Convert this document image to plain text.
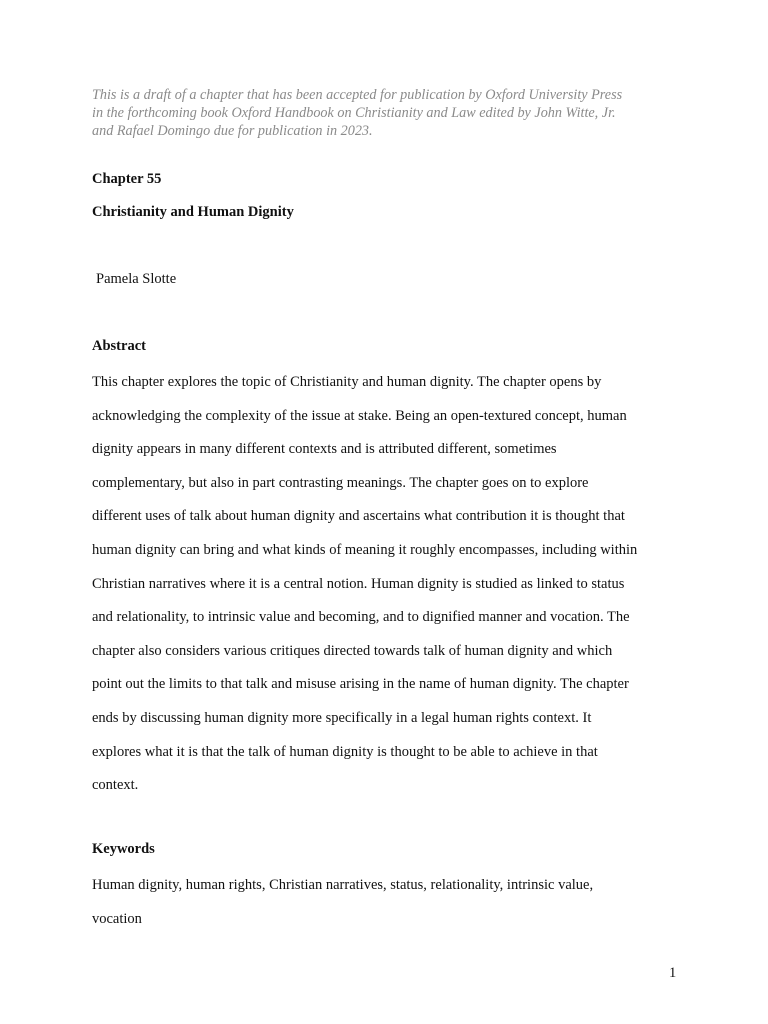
This is a draft of a chapter that has been accepted for publication by Oxford University Press
in the forthcoming book Oxford Handbook on Christianity and Law edited by John Witte, Jr.
and Rafael Domingo due for publication in 2023.
Chapter 55
Christianity and Human Dignity
Pamela Slotte
Abstract
This chapter explores the topic of Christianity and human dignity. The chapter opens by
acknowledging the complexity of the issue at stake. Being an open-textured concept, human
dignity appears in many different contexts and is attributed different, sometimes
complementary, but also in part contrasting meanings. The chapter goes on to explore
different uses of talk about human dignity and ascertains what contribution it is thought that
human dignity can bring and what kinds of meaning it roughly encompasses, including within
Christian narratives where it is a central notion. Human dignity is studied as linked to status
and relationality, to intrinsic value and becoming, and to dignified manner and vocation. The
chapter also considers various critiques directed towards talk of human dignity and which
point out the limits to that talk and misuse arising in the name of human dignity. The chapter
ends by discussing human dignity more specifically in a legal human rights context. It
explores what it is that the talk of human dignity is thought to be able to achieve in that
context.
Keywords
Human dignity, human rights, Christian narratives, status, relationality, intrinsic value,
vocation
1
